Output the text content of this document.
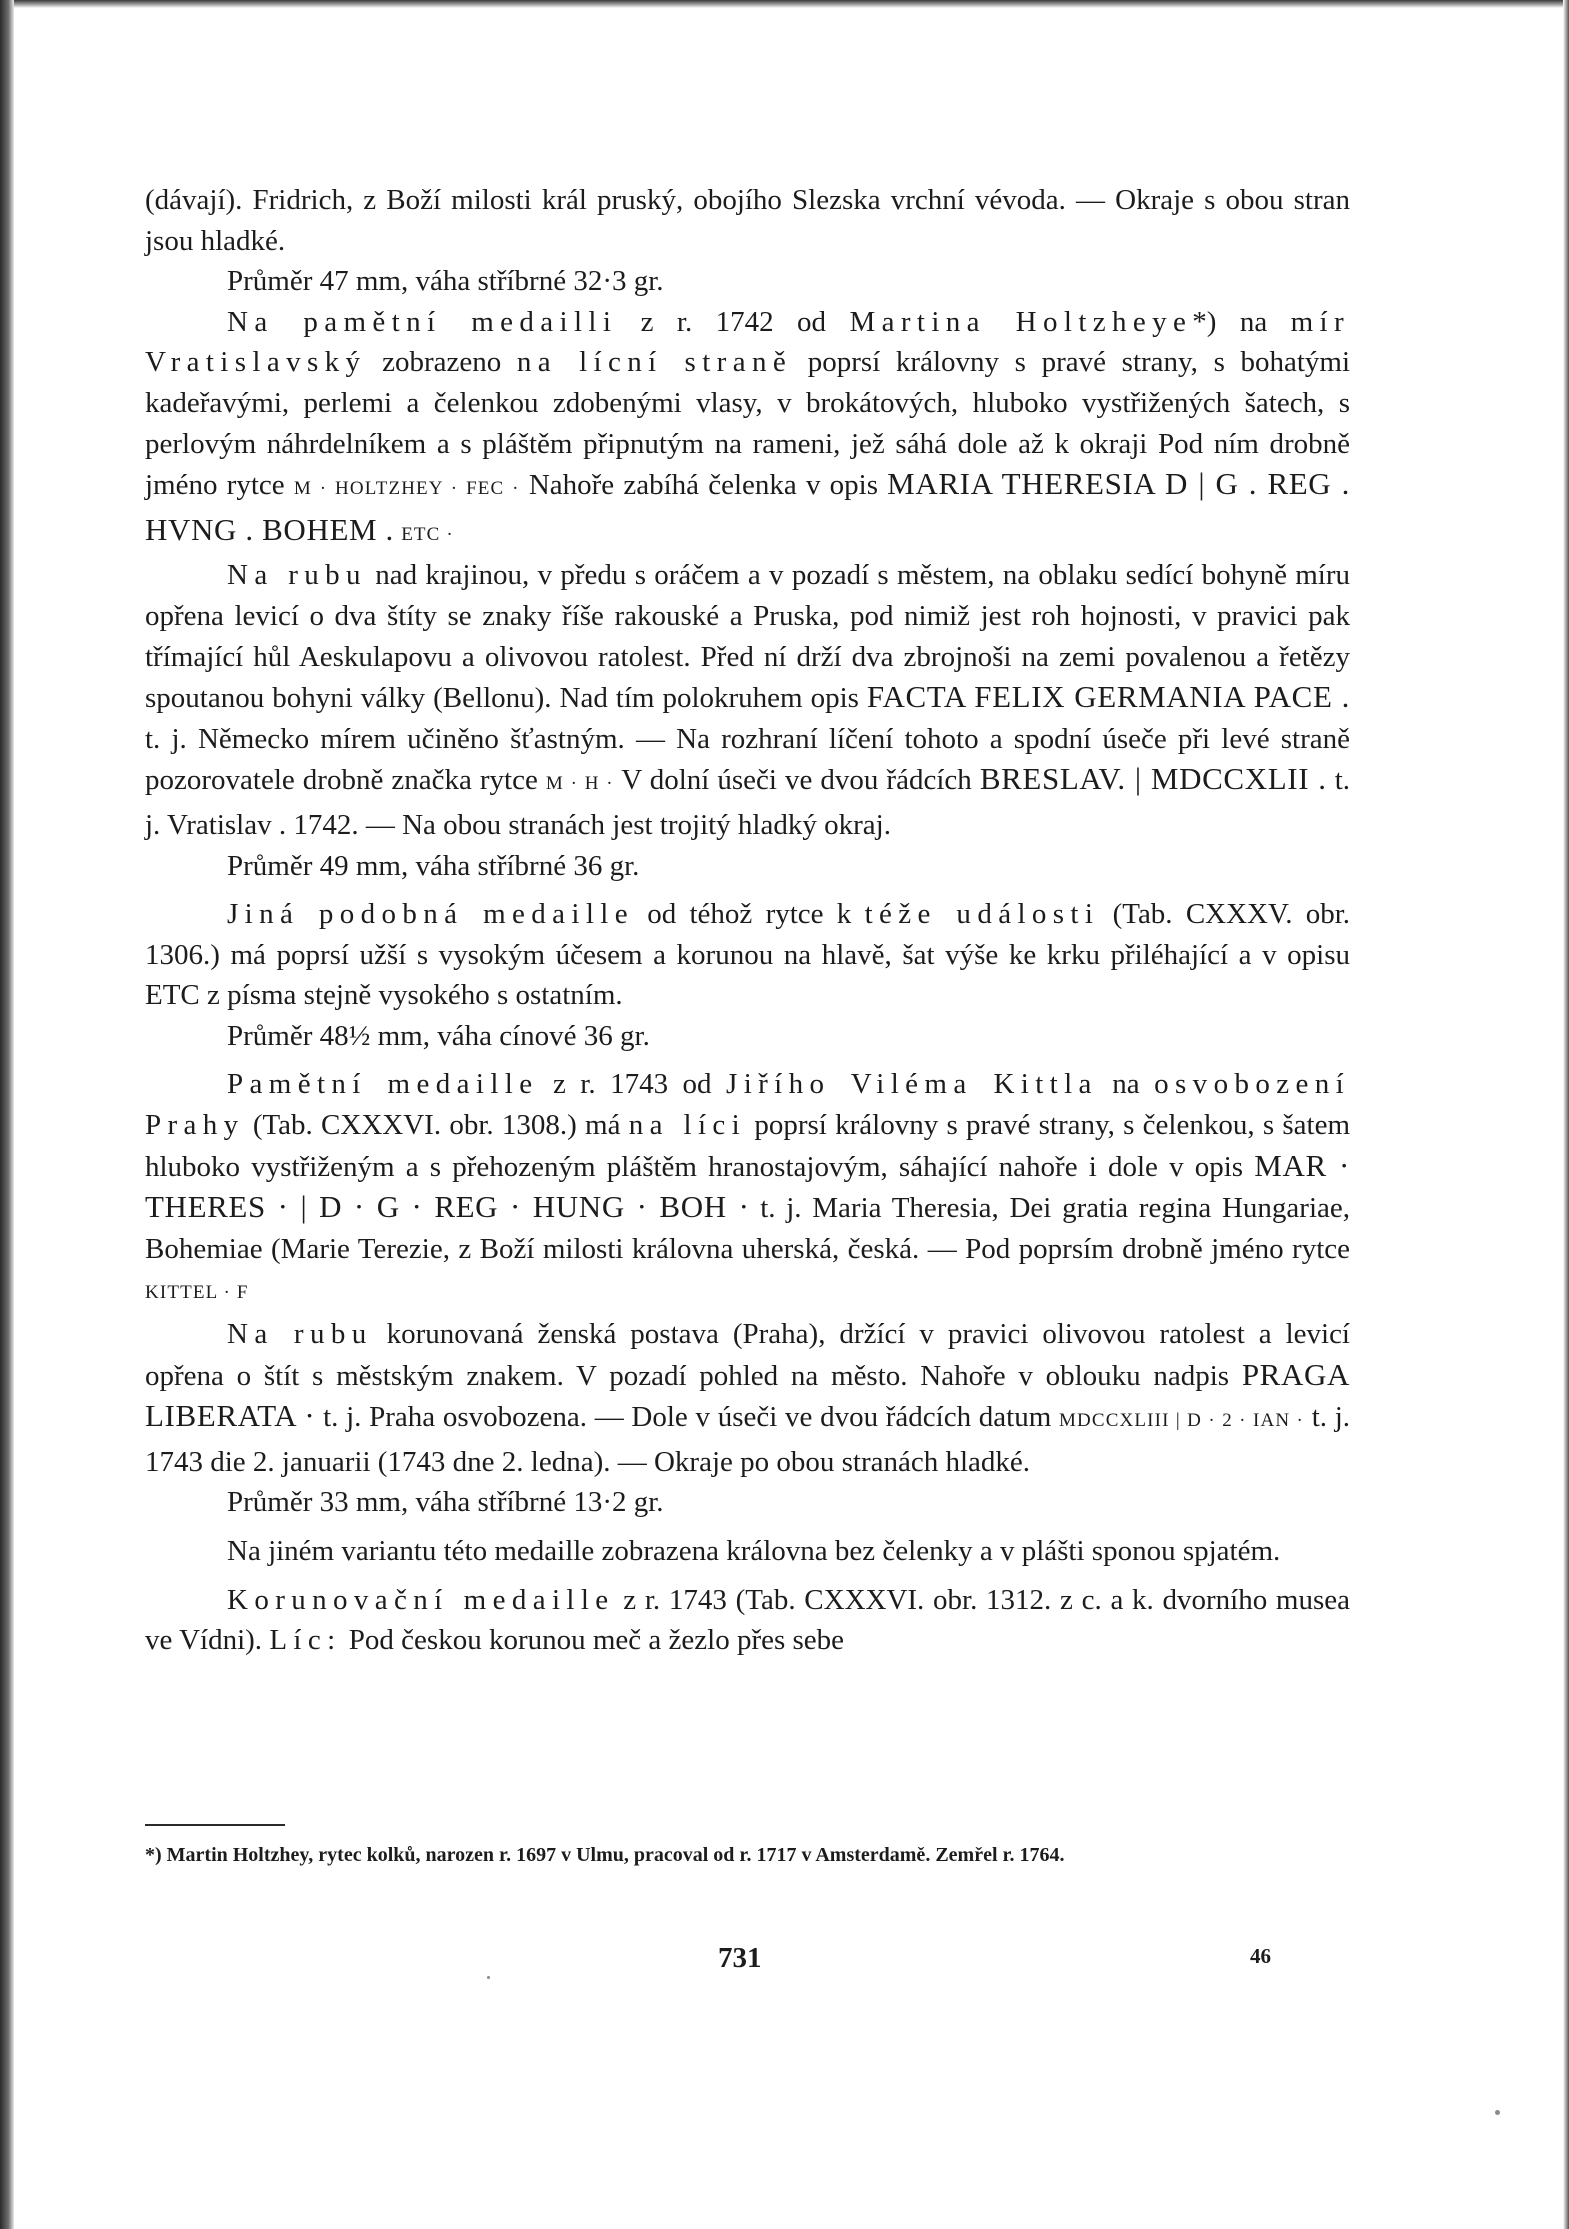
(dávají). Fridrich, z Boží milosti král pruský, obojího Slezska vrchní vévoda. — Okraje s obou stran jsou hladké.

Průměr 47 mm, váha stříbrné 32·3 gr.

Na pamětní medailli z r. 1742 od Martina Holtzheye*) na mír Vratislavský zobrazeno na lícní straně poprsí královny s pravé strany, s bohatými kadeřavými, perlemi a čelenkou zdobenými vlasy, v brokátových, hluboko vystřižených šatech, s perlovým náhrdelníkem a s pláštěm připnutým na rameni, jež sáhá dole až k okraji Pod ním drobně jméno rytce M · HOLTZHEY · FEC · Nahoře zabíhá čelenka v opis MARIA THERESIA D | G . REG . HVNG . BOHEM . ETC ·

Na rubu nad krajinou, v předu s oráčem a v pozadí s městem, na oblaku sedící bohyně míru opřena levicí o dva štíty se znaky říše rakouské a Pruska, pod nimiž jest roh hojnosti, v pravici pak třímající hůl Aeskulapovu a olivovou ratolest. Před ní drží dva zbrojnoši na zemi povalenou a řetězy spoutanou bohyni války (Bellonu). Nad tím polokruhem opis FACTA FELIX GERMANIA PACE . t. j. Německo mírem učiněno šťastným. — Na rozhraní líčení tohoto a spodní úseče při levé straně pozorovatele drobně značka rytce M · H · V dolní úseči ve dvou řádcích BRESLAV. | MDCCXLII . t. j. Vratislav . 1742. — Na obou stranách jest trojitý hladký okraj.

Průměr 49 mm, váha stříbrné 36 gr.

Jiná podobná medaille od téhož rytce k téže události (Tab. CXXXV. obr. 1306.) má poprsí užší s vysokým účesem a korunou na hlavě, šat výše ke krku přiléhající a v opisu ETC z písma stejně vysokého s ostatním.

Průměr 48½ mm, váha cínové 36 gr.

Pamětní medaille z r. 1743 od Jiřího Viléma Kittla na osvobození Prahy (Tab. CXXXVI. obr. 1308.) má na líci poprsí královny s pravé strany, s čelenkou, s šatem hluboko vystřiženým a s přehozeným pláštěm hranostajovým, sáhající nahoře i dole v opis MAR · THERES · | D · G · REG · HUNG · BOH · t. j. Maria Theresia, Dei gratia regina Hungariae, Bohemiae (Marie Terezie, z Boží milosti královna uherská, česká. — Pod poprsím drobně jméno rytce KITTEL · F

Na rubu korunovaná ženská postava (Praha), držící v pravici olivovou ratolest a levicí opřena o štít s městským znakem. V pozadí pohled na město. Nahoře v oblouku nadpis PRAGA LIBERATA · t. j. Praha osvobozena. — Dole v úseči ve dvou řádcích datum MDCCXLIII | D · 2 · IAN · t. j. 1743 die 2. januarii (1743 dne 2. ledna). — Okraje po obou stranách hladké.

Průměr 33 mm, váha stříbrné 13·2 gr.

Na jiném variantu této medaille zobrazena královna bez čelenky a v plášti sponou spjatém.

Korunovační medaille z r. 1743 (Tab. CXXXVI. obr. 1312. z c. a k. dvorního musea ve Vídni). Líc: Pod českou korunou meč a žezlo přes sebe

*) Martin Holtzhey, rytec kolků, narozen r. 1697 v Ulmu, pracoval od r. 1717 v Amsterdamě. Zemřel r. 1764.

731	46
